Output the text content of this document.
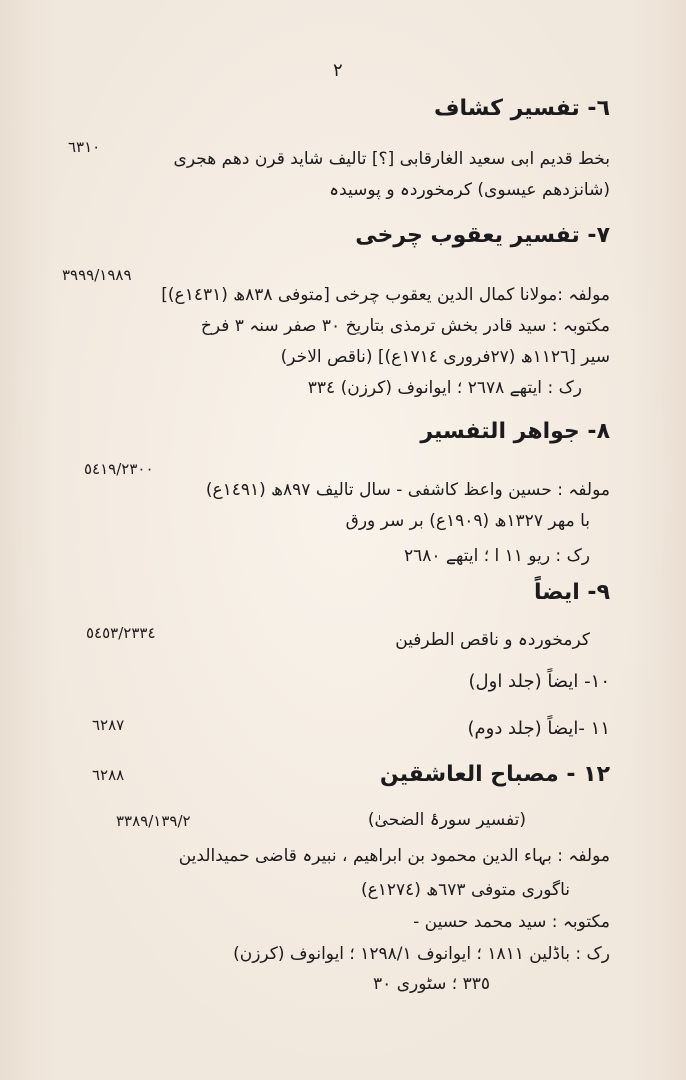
٢
٦- تفسیر کشاف
٦٣١٠
بخط قدیم ابی سعید الغارقابی [؟] تالیف شاید قرن دھم ھجری
(شانزدھم عیسوی) کرمخوردہ و پوسیدہ
٧- تفسیر یعقوب چرخی
٣٩٩٩/١٩٨٩
مولفہ :مولانا کمال الدین یعقوب چرخی [متوفی ٨٣٨ھ (١٤٣١ع)]
مکتوبہ : سید قادر بخش ترمذی بتاریخ ٣٠ صفر سنہ ٣ فرخ
سیر [١١٢٦ھ (٢٧فروری ١٧١٤ع)] (ناقص الاخر)
رک : ایتھے ٢٦٧٨ ؛ ایوانوف (کرزن) ٣٣٤
٨- جواھر التفسیر
٥٤١٩/٢٣٠٠
مولفہ : حسین واعظ کاشفی - سال تالیف ٨٩٧ھ (١٤٩١ع)
با مھر ١٣٢٧ھ (١٩٠٩ع) بر سر ورق
رک : ریو ١١ ا ؛ ایتھے ٢٦٨٠
٩- ایضاً
٥٤٥٣/٢٣٣٤	کرمخوردہ و ناقص الطرفین
١٠- ایضاً (جلد اول)
٦٢٨٧	١١ -ایضاً (جلد دوم)
٦٢٨٨	١٢ - مصباح العاشقین
٣٣٨٩/١٣٩/٢	(تفسیر سورۂ الضحیٰ)
مولفہ : بہاء الدین محمود بن ابراھیم ، نبیرہ قاضی حمیدالدین
ناگوری متوفی ٦٧٣ھ (١٢٧٤ع)
مکتوبہ : سید محمد حسین -
رک : باڈلین ١٨١١ ؛ ایوانوف ١٢٩٨/١ ؛ ایوانوف (کرزن)
٣٣٥ ؛ سٹوری ٣٠
